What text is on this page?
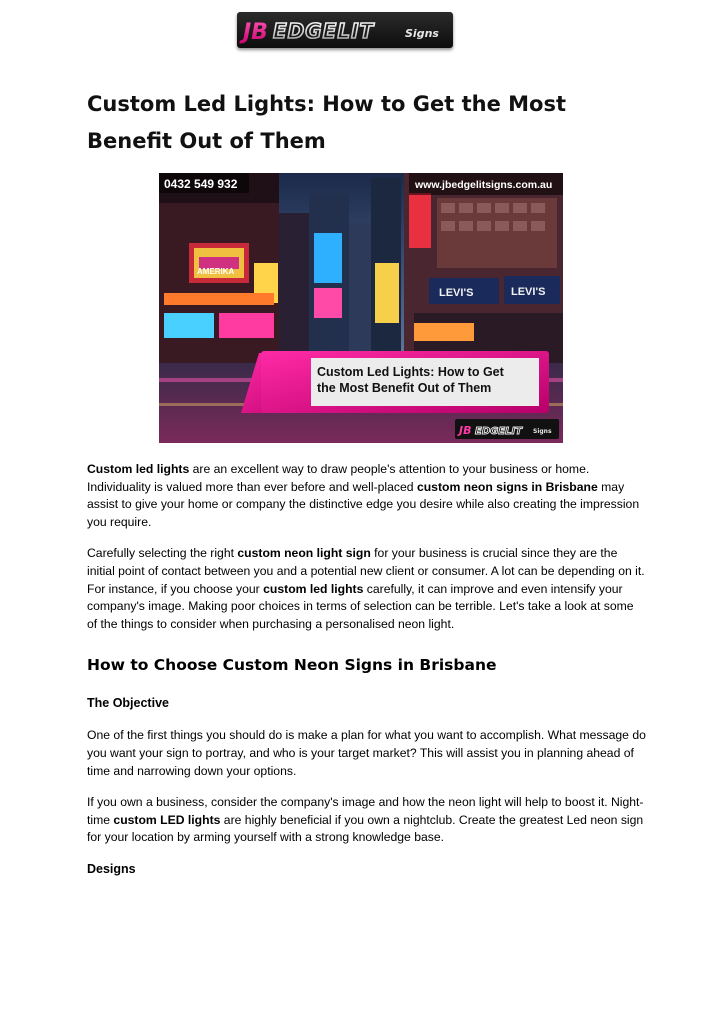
JB EDGELIT	Signs
Custom Led Lights: How to Get the Most Benefit Out of Them
AMERIKA
LEVI'S	LEVI'S
0432 549 932	www.jbedgelitsigns.com.au
Custom Led Lights: How to Get
the Most Benefit Out of Them
JB EDGELIT Signs

Custom led lights are an excellent way to draw people's attention to your business or home. Individuality is valued more than ever before and well-placed custom neon signs in Brisbane may assist to give your home or company the distinctive edge you desire while also creating the impression you require.

Carefully selecting the right custom neon light sign for your business is crucial since they are the initial point of contact between you and a potential new client or consumer. A lot can be depending on it. For instance, if you choose your custom led lights carefully, it can improve and even intensify your company's image. Making poor choices in terms of selection can be terrible. Let's take a look at some of the things to consider when purchasing a personalised neon light.

How to Choose Custom Neon Signs in Brisbane
The Objective

One of the first things you should do is make a plan for what you want to accomplish. What message do you want your sign to portray, and who is your target market? This will assist you in planning ahead of time and narrowing down your options.

If you own a business, consider the company's image and how the neon light will help to boost it. Night-time custom LED lights are highly beneficial if you own a nightclub. Create the greatest Led neon sign for your location by arming yourself with a strong knowledge base.

Designs
